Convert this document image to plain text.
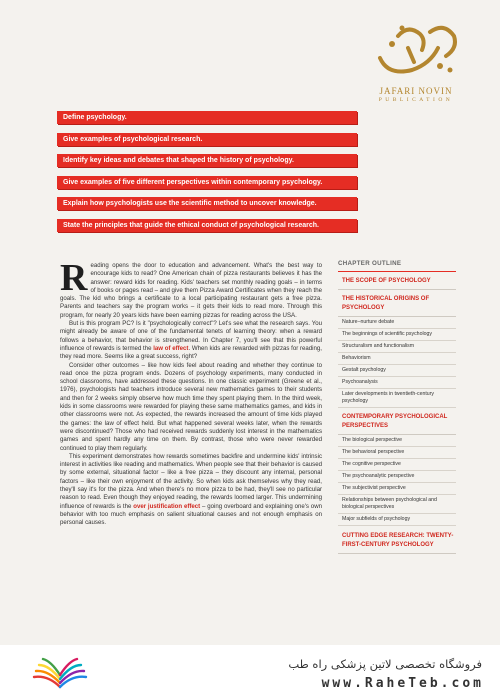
JAFARI NOVIN
PUBLICATION
Define psychology.
Give examples of psychological research.
Identify key ideas and debates that shaped the history of psychology.
Give examples of five different perspectives within contemporary psychology.
Explain how psychologists use the scientific method to uncover knowledge.
State the principles that guide the ethical conduct of psychological research.

Reading opens the door to education and advancement. What's the best way to encourage kids to read? One American chain of pizza restaurants believes it has the answer: reward kids for reading. Kids' teachers set monthly reading goals – in terms of books or pages read – and give them Pizza Award Certificates when they reach the goals. The kid who brings a certificate to a local participating restaurant gets a free pizza. Parents and teachers say the program works – it gets their kids to read more. Through this program, for nearly 20 years kids have been earning pizzas for reading across the USA.

But is this program PC? Is it "psychologically correct"? Let's see what the research says. You might already be aware of one of the fundamental tenets of learning theory: when a reward follows a behavior, that behavior is strengthened. In Chapter 7, you'll see that this powerful influence of rewards is termed the law of effect. When kids are rewarded with pizzas for reading, they read more. Seems like a great success, right?

Consider other outcomes – like how kids feel about reading and whether they continue to read once the pizza program ends. Dozens of psychology experiments, many conducted in school classrooms, have addressed these questions. In one classic experiment (Greene et al., 1976), psychologists had teachers introduce several new mathematics games to their students and then for 2 weeks simply observe how much time they spent playing them. In the third week, kids in some classrooms were rewarded for playing these same mathematics games, and kids in other classrooms were not. As expected, the rewards increased the amount of time kids played the games: the law of effect held. But what happened several weeks later, when the rewards were discontinued? Those who had received rewards suddenly lost interest in the mathematics games and spent hardly any time on them. By contrast, those who were never rewarded continued to play them regularly.

This experiment demonstrates how rewards sometimes backfire and undermine kids' intrinsic interest in activities like reading and mathematics. When people see that their behavior is caused by some external, situational factor – like a free pizza – they discount any internal, personal factors – like their own enjoyment of the activity. So when kids ask themselves why they read, they'll say it's for the pizza. And when there's no more pizza to be had, they'll see no particular reason to read. Even though they enjoyed reading, the rewards loomed larger. This undermining influence of rewards is the over justification effect – going overboard and explaining one's own behavior with too much emphasis on salient situational causes and not enough emphasis on personal causes.

CHAPTER OUTLINE
THE SCOPE OF PSYCHOLOGY
THE HISTORICAL ORIGINS OF PSYCHOLOGY
Nature–nurture debate
The beginnings of scientific psychology
Structuralism and functionalism
Behaviorism
Gestalt psychology
Psychoanalysis
Later developments in twentieth-century psychology
CONTEMPORARY PSYCHOLOGICAL PERSPECTIVES
The biological perspective
The behavioral perspective
The cognitive perspective
The psychoanalytic perspective
The subjectivist perspective
Relationships between psychological and biological perspectives
Major subfields of psychology
CUTTING EDGE RESEARCH: TWENTY-FIRST-CENTURY PSYCHOLOGY
فروشگاه تخصصی لاتین پزشکی راه طب
www.RaheTeb.com
